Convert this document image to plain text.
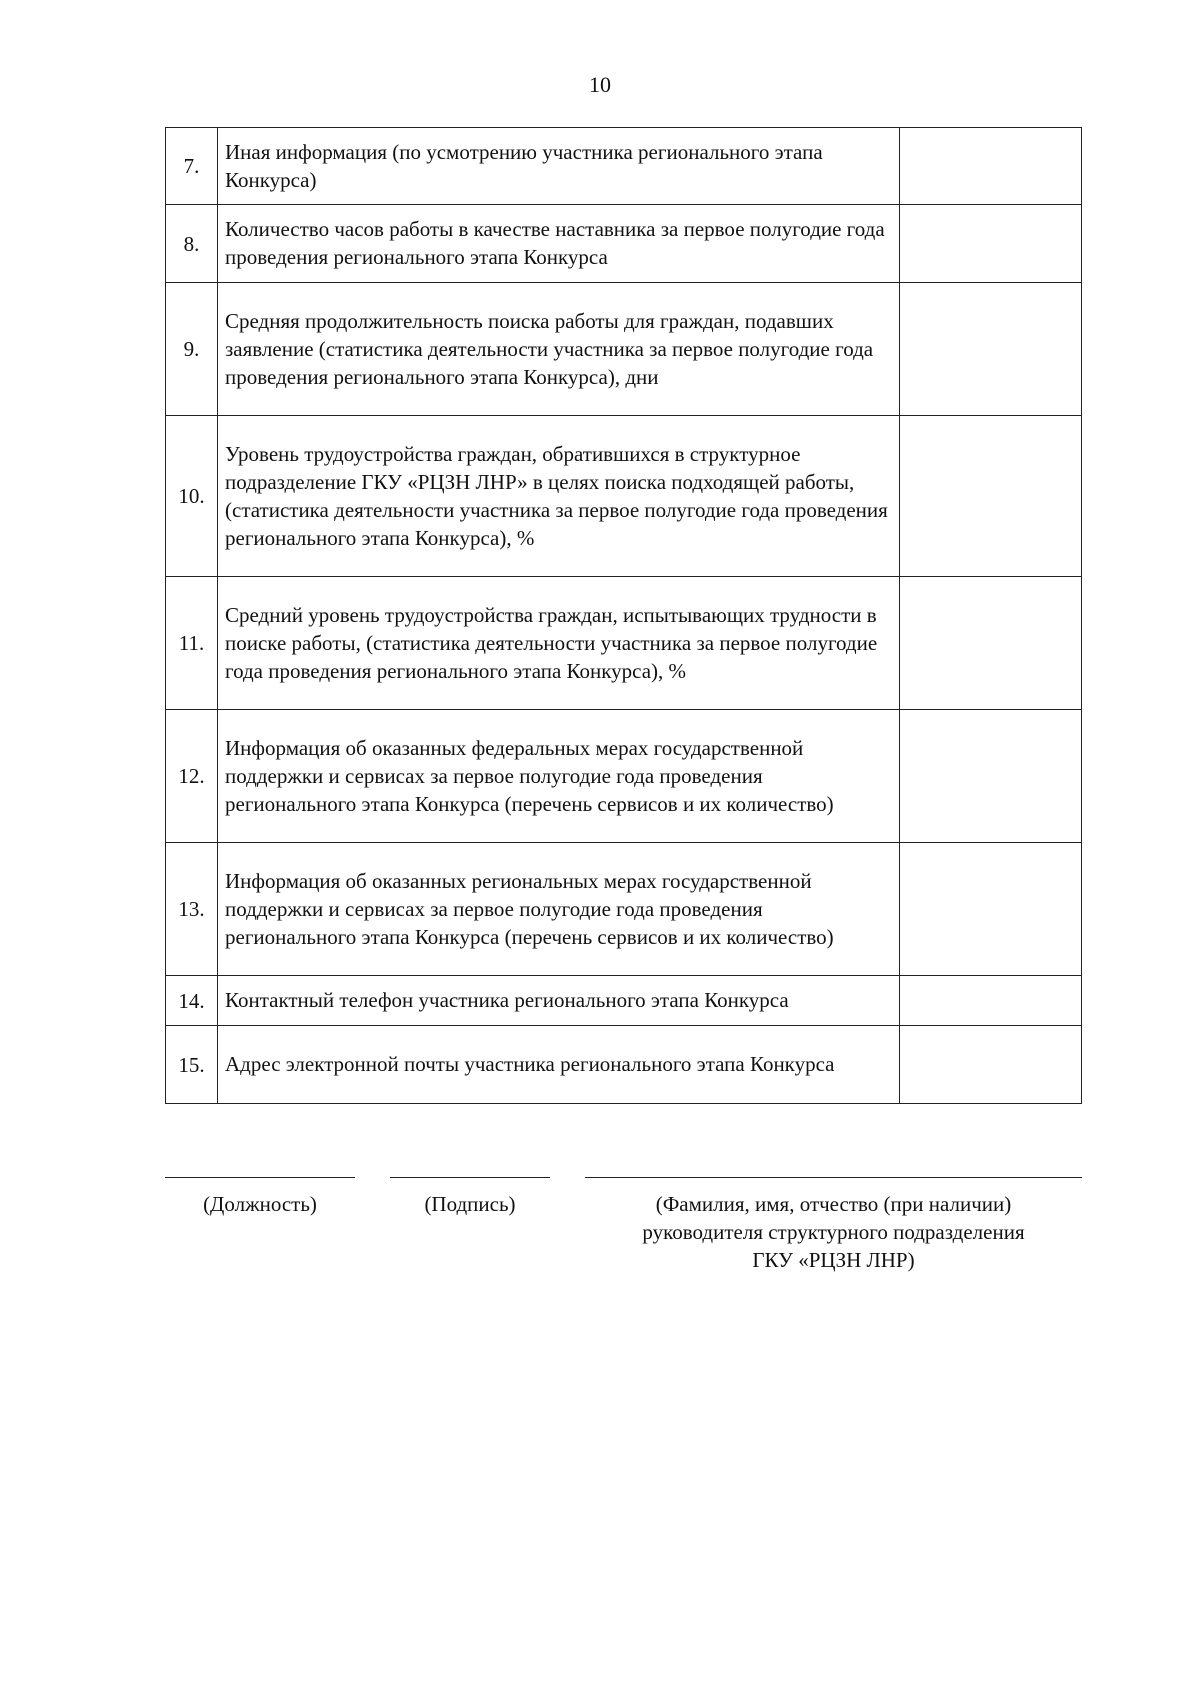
10
7.	Иная информация (по усмотрению участника регионального этапа Конкурса)	
8.	Количество часов работы в качестве наставника за первое полугодие года проведения регионального этапа Конкурса	
9.	Средняя продолжительность поиска работы для граждан, подавших заявление (статистика деятельности участника за первое полугодие года проведения регионального этапа Конкурса), дни	
10.	Уровень трудоустройства граждан, обратившихся в структурное подразделение ГКУ «РЦЗН ЛНР» в целях поиска подходящей работы, (статистика деятельности участника за первое полугодие года проведения регионального этапа Конкурса), %	
11.	Средний уровень трудоустройства граждан, испытывающих трудности в поиске работы, (статистика деятельности участника за первое полугодие года проведения регионального этапа Конкурса), %	
12.	Информация об оказанных федеральных мерах государственной поддержки и сервисах за первое полугодие года проведения регионального этапа Конкурса (перечень сервисов и их количество)	
13.	Информация об оказанных региональных мерах государственной поддержки и сервисах за первое полугодие года проведения регионального этапа Конкурса (перечень сервисов и их количество)	
14.	Контактный телефон участника регионального этапа Конкурса	
15.	Адрес электронной почты участника регионального этапа Конкурса	
(Должность)	(Подпись)	(Фамилия, имя, отчество (при наличии)
руководителя структурного подразделения
ГКУ «РЦЗН ЛНР)
